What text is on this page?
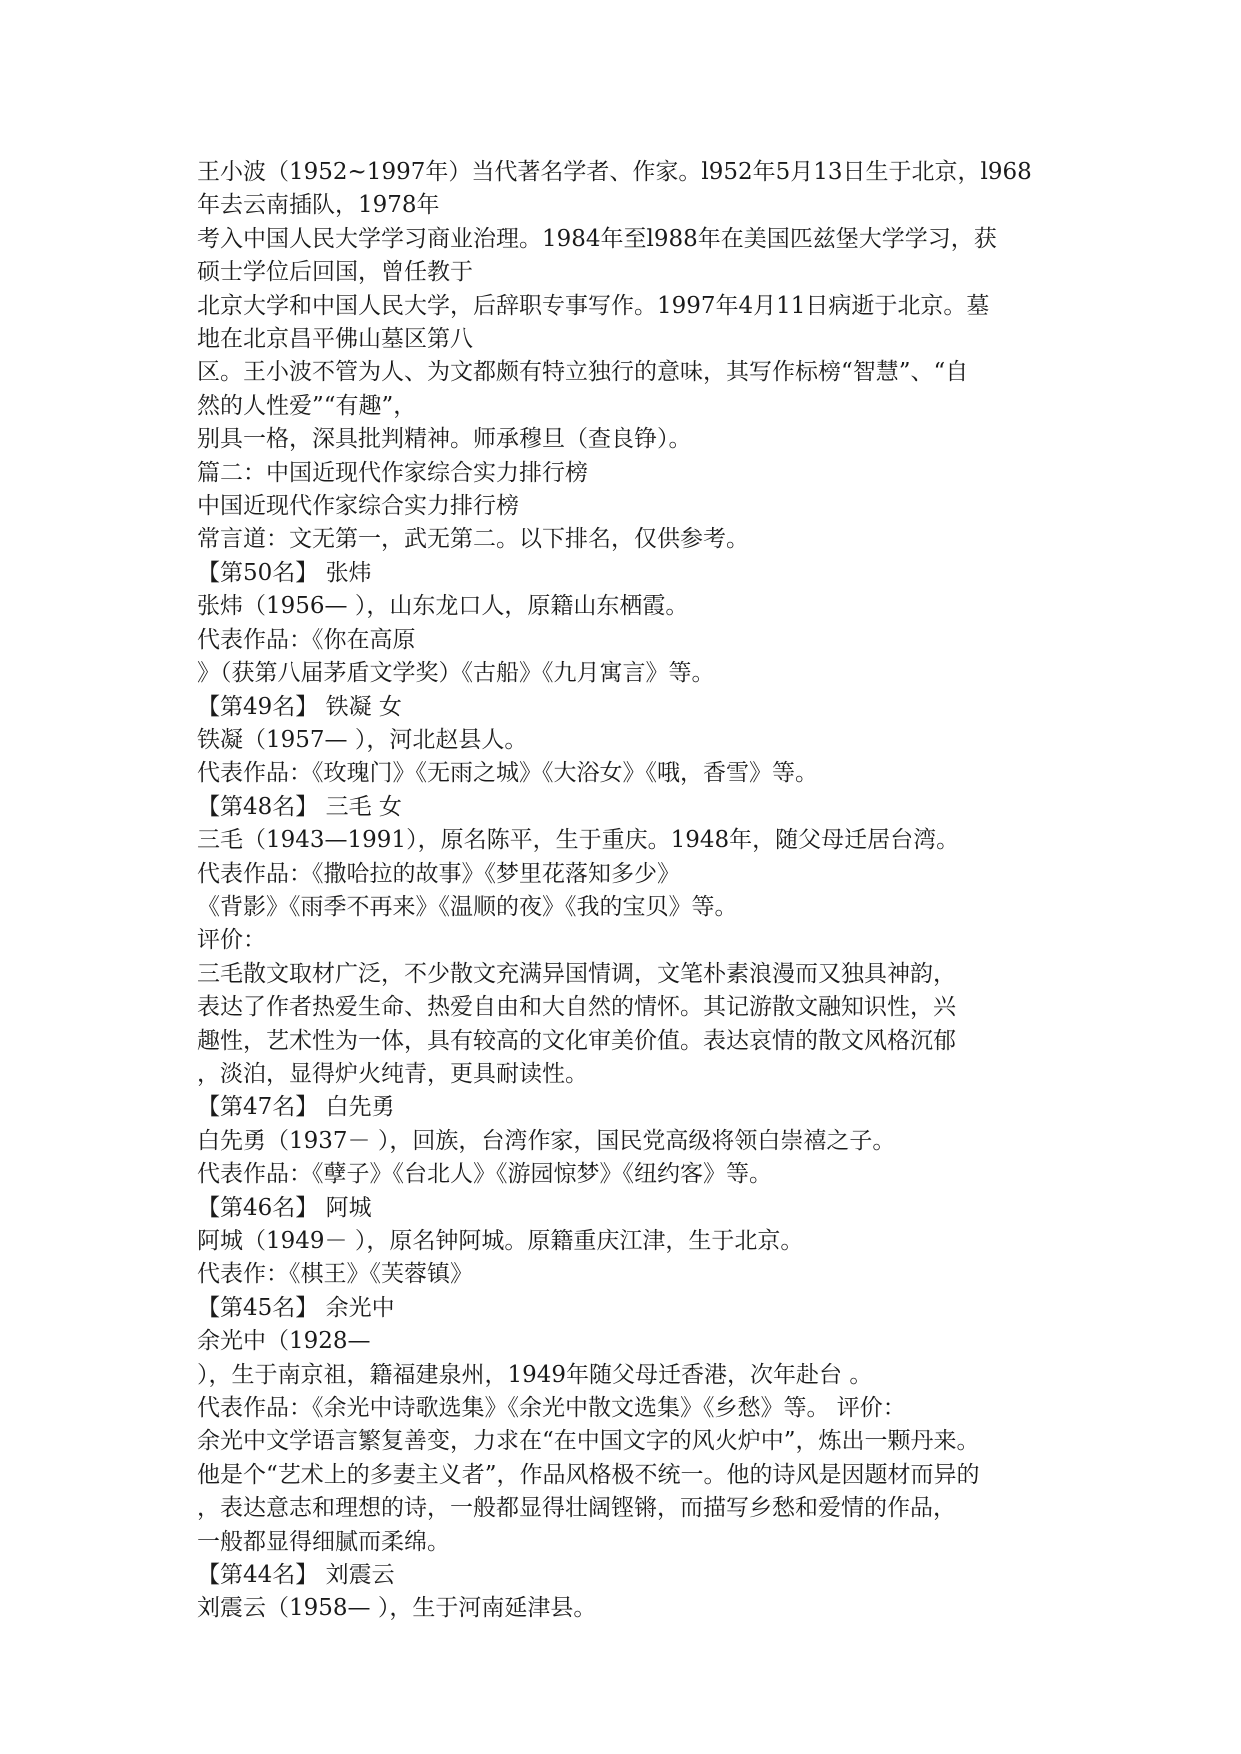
王小波（1952~1997年）当代著名学者、作家。l952年5月13日生于北京，l968

年去云南插队，1978年

考入中国人民大学学习商业治理。1984年至l988年在美国匹兹堡大学学习，获

硕士学位后回国，曾任教于

北京大学和中国人民大学，后辞职专事写作。1997年4月11日病逝于北京。墓

地在北京昌平佛山墓区第八

区。王小波不管为人、为文都颇有特立独行的意味，其写作标榜“智慧”、“自

然的人性爱”“有趣”，

别具一格，深具批判精神。师承穆旦（查良铮）。

篇二：中国近现代作家综合实力排行榜

中国近现代作家综合实力排行榜

常言道：文无第一，武无第二。以下排名，仅供参考。

【第50名】 张炜

张炜（1956— ），山东龙口人，原籍山东栖霞。

代表作品：《你在高原

》（获第八届茅盾文学奖）《古船》《九月寓言》等。

【第49名】 铁凝 女

铁凝（1957— ），河北赵县人。

代表作品：《玫瑰门》《无雨之城》《大浴女》《哦，香雪》等。

【第48名】 三毛 女

三毛（1943—1991），原名陈平，生于重庆。1948年，随父母迁居台湾。

代表作品：《撒哈拉的故事》《梦里花落知多少》

《背影》《雨季不再来》《温顺的夜》《我的宝贝》等。

评价：

三毛散文取材广泛，不少散文充满异国情调，文笔朴素浪漫而又独具神韵，

表达了作者热爱生命、热爱自由和大自然的情怀。其记游散文融知识性，兴

趣性，艺术性为一体，具有较高的文化审美价值。表达哀情的散文风格沉郁

，淡泊，显得炉火纯青，更具耐读性。

【第47名】 白先勇

白先勇（1937－ ），回族，台湾作家，国民党高级将领白崇禧之子。

代表作品：《孽子》《台北人》《游园惊梦》《纽约客》等。

【第46名】 阿城

阿城（1949－ ），原名钟阿城。原籍重庆江津，生于北京。

代表作：《棋王》《芙蓉镇》

【第45名】 余光中

余光中（1928—

），生于南京祖，籍福建泉州，1949年随父母迁香港，次年赴台 。

代表作品：《余光中诗歌选集》《余光中散文选集》《乡愁》等。 评价：

余光中文学语言繁复善变，力求在“在中国文字的风火炉中”，炼出一颗丹来。

他是个“艺术上的多妻主义者”，作品风格极不统一。他的诗风是因题材而异的

，表达意志和理想的诗，一般都显得壮阔铿锵，而描写乡愁和爱情的作品，

一般都显得细腻而柔绵。

【第44名】 刘震云

刘震云（1958— ），生于河南延津县。
